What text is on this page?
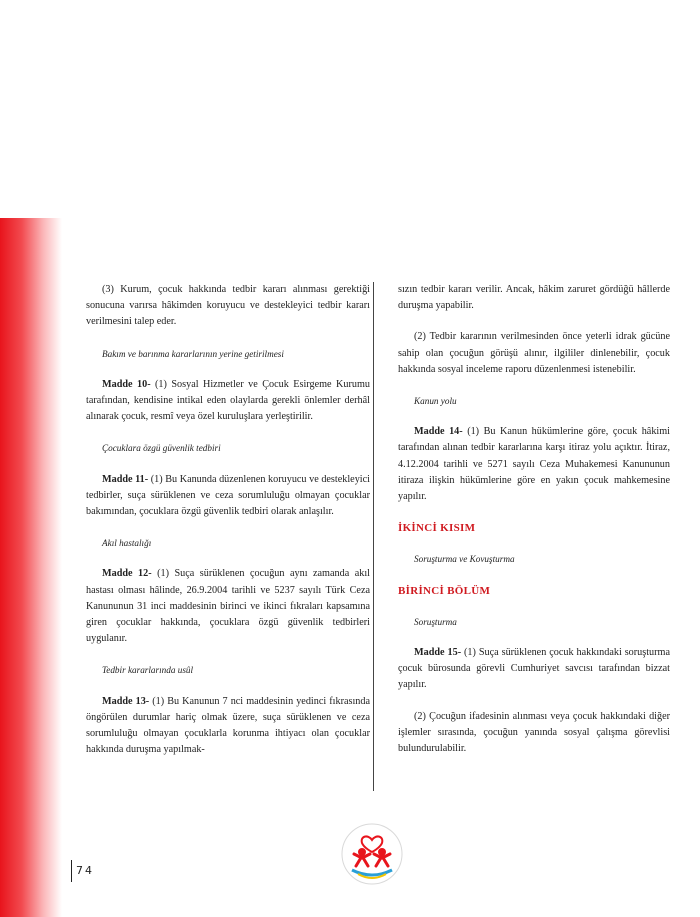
(3) Kurum, çocuk hakkında tedbir kararı alınması gerektiği sonucuna varırsa hâkimden koruyucu ve destekleyici tedbir kararı verilmesini talep eder.

Bakım ve barınma kararlarının yerine getirilmesi

Madde 10- (1) Sosyal Hizmetler ve Çocuk Esirgeme Kurumu tarafından, kendisine intikal eden olaylarda gerekli önlemler derhâl alınarak çocuk, resmî veya özel kuruluşlara yerleştirilir.

Çocuklara özgü güvenlik tedbiri

Madde 11- (1) Bu Kanunda düzenlenen koruyucu ve destekleyici tedbirler, suça sürüklenen ve ceza sorumluluğu olmayan çocuklar bakımından, çocuklara özgü güvenlik tedbiri olarak anlaşılır.

Akıl hastalığı

Madde 12- (1) Suça sürüklenen çocuğun aynı zamanda akıl hastası olması hâlinde, 26.9.2004 tarihli ve 5237 sayılı Türk Ceza Kanununun 31 inci maddesinin birinci ve ikinci fıkraları kapsamına giren çocuklar hakkında, çocuklara özgü güvenlik tedbirleri uygulanır.

Tedbir kararlarında usûl

Madde 13- (1) Bu Kanunun 7 nci maddesinin yedinci fıkrasında öngörülen durumlar hariç olmak üzere, suça sürüklenen ve ceza sorumluluğu olmayan çocuklarla korunma ihtiyacı olan çocuklar hakkında duruşma yapılmak-

sızın tedbir kararı verilir. Ancak, hâkim zaruret gördüğü hâllerde duruşma yapabilir.

(2) Tedbir kararının verilmesinden önce yeterli idrak gücüne sahip olan çocuğun görüşü alınır, ilgililer dinlenebilir, çocuk hakkında sosyal inceleme raporu düzenlenmesi istenebilir.

Kanun yolu

Madde 14- (1) Bu Kanun hükümlerine göre, çocuk hâkimi tarafından alınan tedbir kararlarına karşı itiraz yolu açıktır. İtiraz, 4.12.2004 tarihli ve 5271 sayılı Ceza Muhakemesi Kanununun itiraza ilişkin hükümlerine göre en yakın çocuk mahkemesine yapılır.

İKİNCİ KISIM

Soruşturma ve Kovuşturma

BİRİNCİ BÖLÜM

Soruşturma

Madde 15- (1) Suça sürüklenen çocuk hakkındaki soruşturma çocuk bürosunda görevli Cumhuriyet savcısı tarafından bizzat yapılır.

(2) Çocuğun ifadesinin alınması veya çocuk hakkındaki diğer işlemler sırasında, çocuğun yanında sosyal çalışma görevlisi bulundurulabilir.

74
